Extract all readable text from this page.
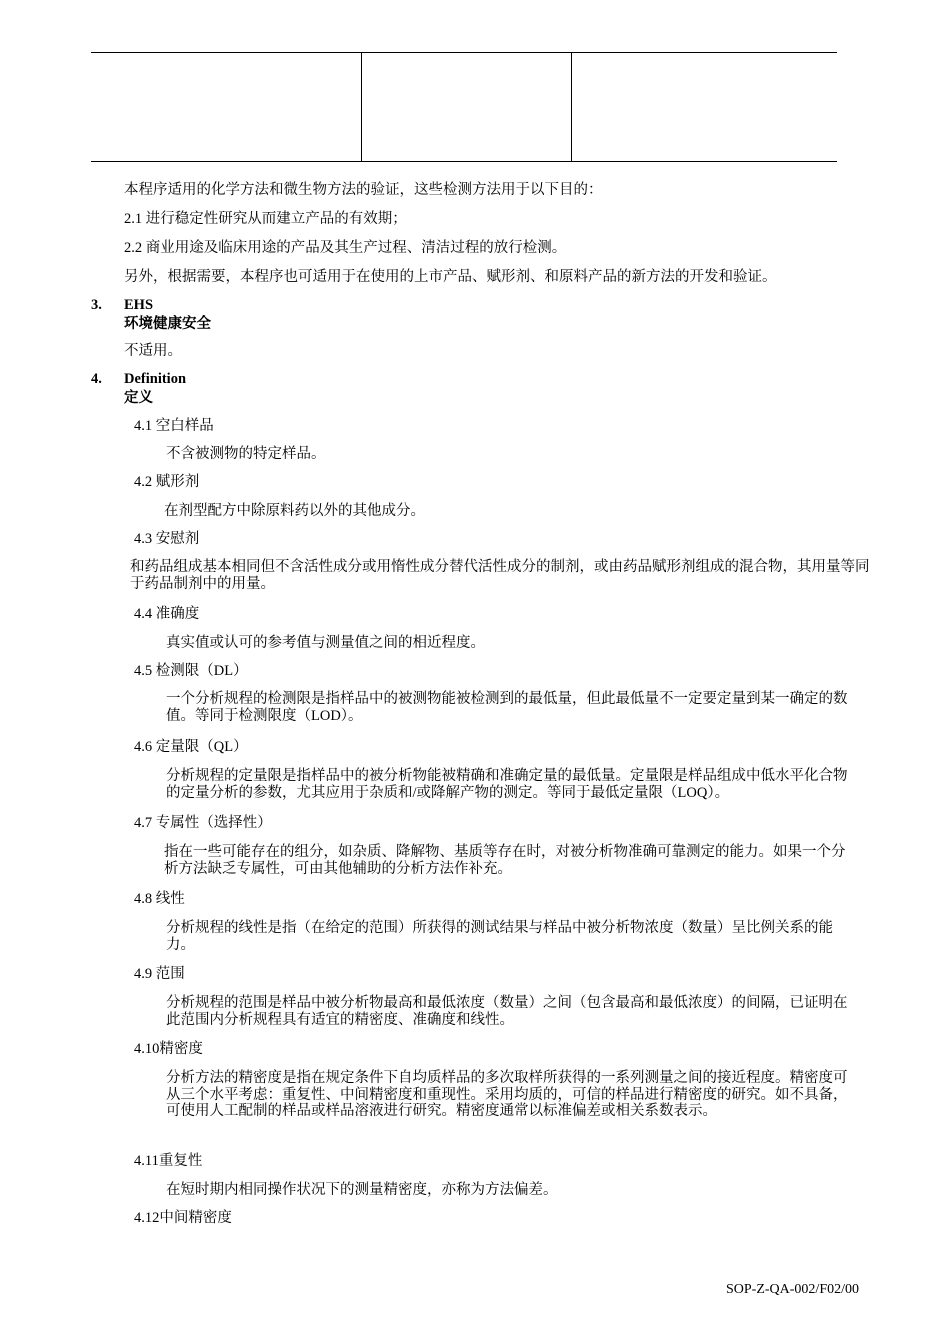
本程序适用的化学方法和微生物方法的验证，这些检测方法用于以下目的：
2.1 进行稳定性研究从而建立产品的有效期；
2.2 商业用途及临床用途的产品及其生产过程、清洁过程的放行检测。
另外，根据需要，本程序也可适用于在使用的上市产品、赋形剂、和原料产品的新方法的开发和验证。
3. EHS
环境健康安全
不适用。
4. Definition
定义
4.1 空白样品
不含被测物的特定样品。
4.2 赋形剂
在剂型配方中除原料药以外的其他成分。
4.3 安慰剂
和药品组成基本相同但不含活性成分或用惰性成分替代活性成分的制剂，或由药品赋形剂组成的混合物，其用量等同于药品制剂中的用量。
4.4 准确度
真实值或认可的参考值与测量值之间的相近程度。
4.5 检测限（DL）
一个分析规程的检测限是指样品中的被测物能被检测到的最低量，但此最低量不一定要定量到某一确定的数值。等同于检测限度（LOD）。
4.6 定量限（QL）
分析规程的定量限是指样品中的被分析物能被精确和准确定量的最低量。定量限是样品组成中低水平化合物的定量分析的参数，尤其应用于杂质和/或降解产物的测定。等同于最低定量限（LOQ）。
4.7 专属性（选择性）
指在一些可能存在的组分，如杂质、降解物、基质等存在时，对被分析物准确可靠测定的能力。如果一个分析方法缺乏专属性，可由其他辅助的分析方法作补充。
4.8 线性
分析规程的线性是指（在给定的范围）所获得的测试结果与样品中被分析物浓度（数量）呈比例关系的能力。
4.9 范围
分析规程的范围是样品中被分析物最高和最低浓度（数量）之间（包含最高和最低浓度）的间隔，已证明在此范围内分析规程具有适宜的精密度、准确度和线性。
4.10精密度
分析方法的精密度是指在规定条件下自均质样品的多次取样所获得的一系列测量之间的接近程度。精密度可从三个水平考虑：重复性、中间精密度和重现性。采用均质的，可信的样品进行精密度的研究。如不具备，可使用人工配制的样品或样品溶液进行研究。精密度通常以标准偏差或相关系数表示。
4.11重复性
在短时期内相同操作状况下的测量精密度，亦称为方法偏差。
4.12中间精密度
SOP-Z-QA-002/F02/00
